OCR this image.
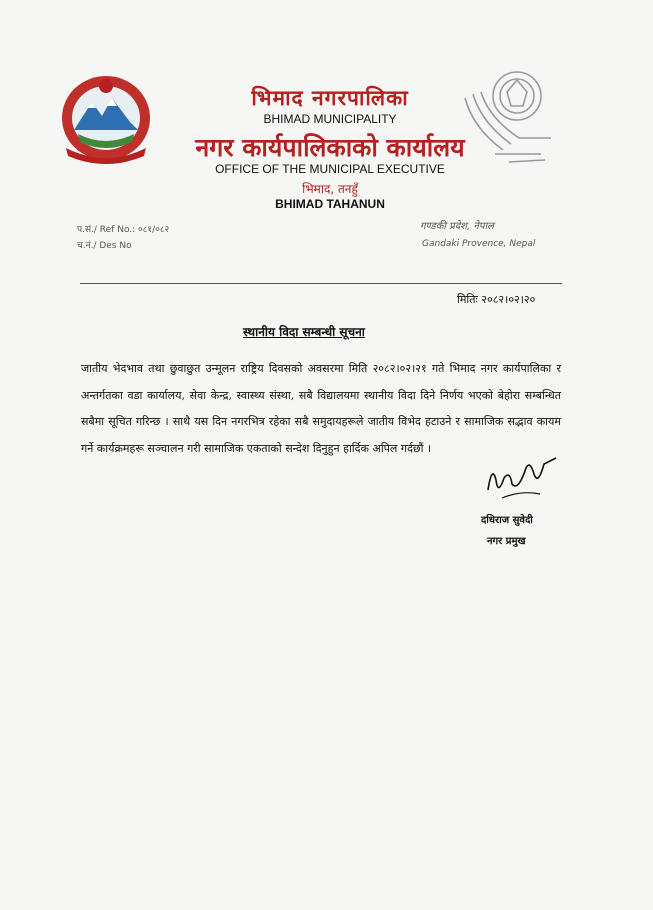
भिमाद नगरपालिका
BHIMAD MUNICIPALITY
नगर कार्यपालिकाको कार्यालय
OFFICE OF THE MUNICIPAL EXECUTIVE
भिमाद, तनहुँ
BHIMAD TAHANUN
प.सं./ Ref No.: ०८१/०८२
च.नं./ Des No
गण्डकी प्रदेश, नेपाल
Gandaki Provence, Nepal
मितिः २०८२।०२।२०
स्थानीय विदा सम्बन्धी सूचना
जातीय भेदभाव तथा छुवाछुत उन्मूलन राष्ट्रिय दिवसको अवसरमा मिति २०८२।०२।२१ गते भिमाद नगर कार्यपालिका र अन्तर्गतका वडा कार्यालय, सेवा केन्द्र, स्वास्थ्य संस्था, सबै विद्यालयमा स्थानीय विदा दिने निर्णय भएको बेहोरा सम्बन्धित सबैमा सूचित गरिन्छ । साथै यस दिन नगरभित्र रहेका सबै समुदायहरूले जातीय विभेद हटाउने र सामाजिक सद्भाव कायम गर्ने कार्यक्रमहरू सञ्चालन गरी सामाजिक एकताको सन्देश दिनुहुन हार्दिक अपिल गर्दछौं ।
दधिराज सुवेदी
नगर प्रमुख
